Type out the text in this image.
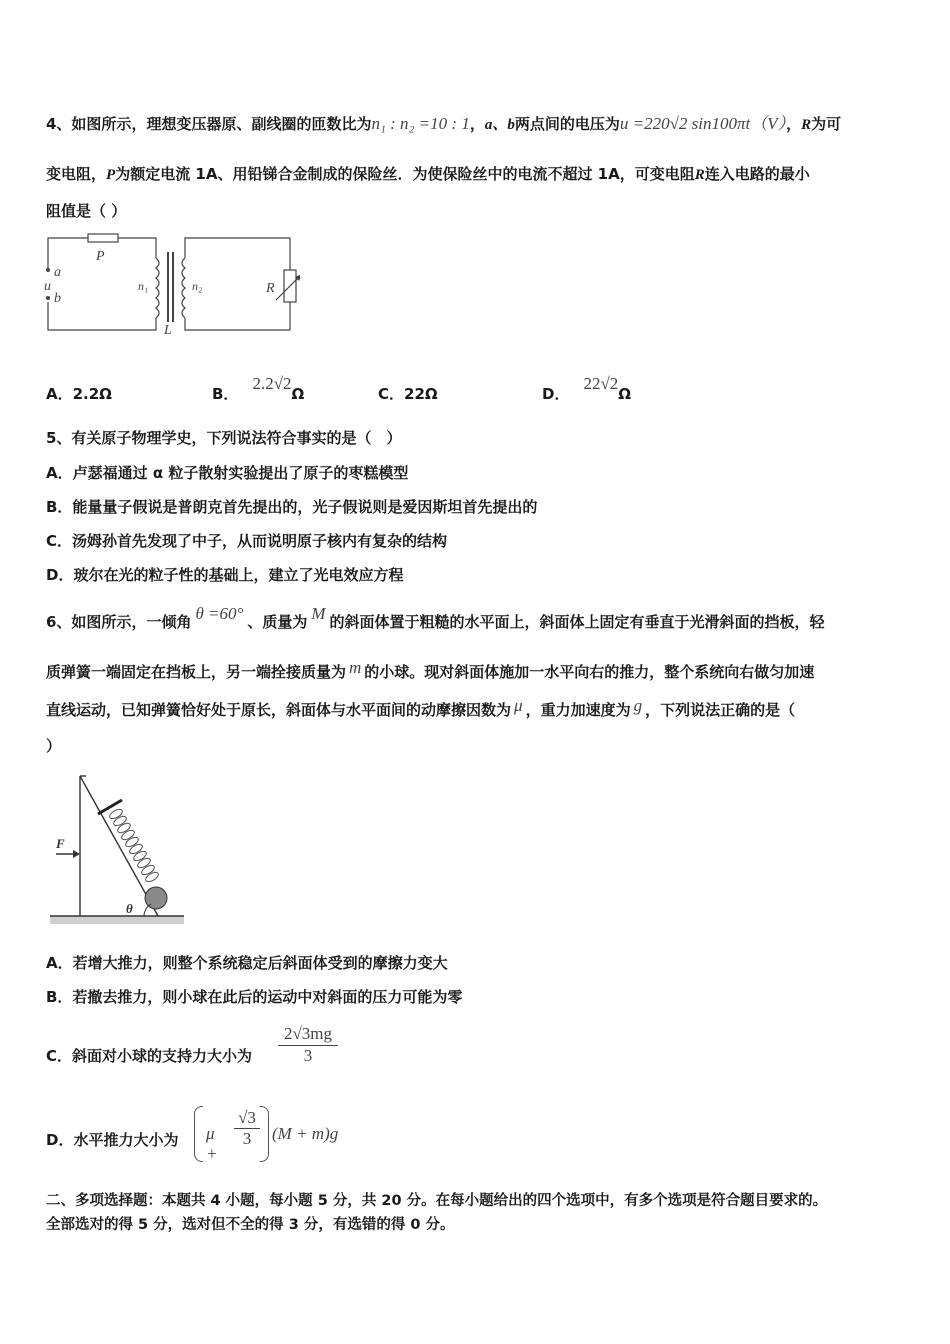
4、如图所示，理想变压器原、副线圈的匝数比为n₁ : n₂ =10 : 1，a、b两点间的电压为u =220√2 sin100πt（V），R为可
变电阻，P为额定电流 1A、用铅锑合金制成的保险丝．为使保险丝中的电流不超过 1A，可变电阻R连入电路的最小
阻值是（ ）
P
a
u
b
n₁	n₂
L
R
A．2.2Ω	B．2.2√2Ω	C．22Ω	D．22√2Ω
5、有关原子物理学史，下列说法符合事实的是（　）
A．卢瑟福通过 α 粒子散射实验提出了原子的枣糕模型
B．能量量子假说是普朗克首先提出的，光子假说则是爱因斯坦首先提出的
C．汤姆孙首先发现了中子，从而说明原子核内有复杂的结构
D．玻尔在光的粒子性的基础上，建立了光电效应方程
6、如图所示，一倾角 θ =60° 、质量为 M 的斜面体置于粗糙的水平面上，斜面体上固定有垂直于光滑斜面的挡板，轻
质弹簧一端固定在挡板上，另一端拴接质量为 m 的小球。现对斜面体施加一水平向右的推力，整个系统向右做匀加速
直线运动，已知弹簧恰好处于原长，斜面体与水平面间的动摩擦因数为 μ ，重力加速度为 g ，下列说法正确的是（
）
F
θ
A．若增大推力，则整个系统稳定后斜面体受到的摩擦力变大
B．若撤去推力，则小球在此后的运动中对斜面的压力可能为零
C．斜面对小球的支持力大小为 $\frac{2√3mg}{3}$
D．水平推力大小为 μ +
$\frac{√3}{3} (M + m)g$
二、多项选择题：本题共 4 小题，每小题 5 分，共 20 分。在每小题给出的四个选项中，有多个选项是符合题目要求的。
全部选对的得 5 分，选对但不全的得 3 分，有选错的得 0 分。
